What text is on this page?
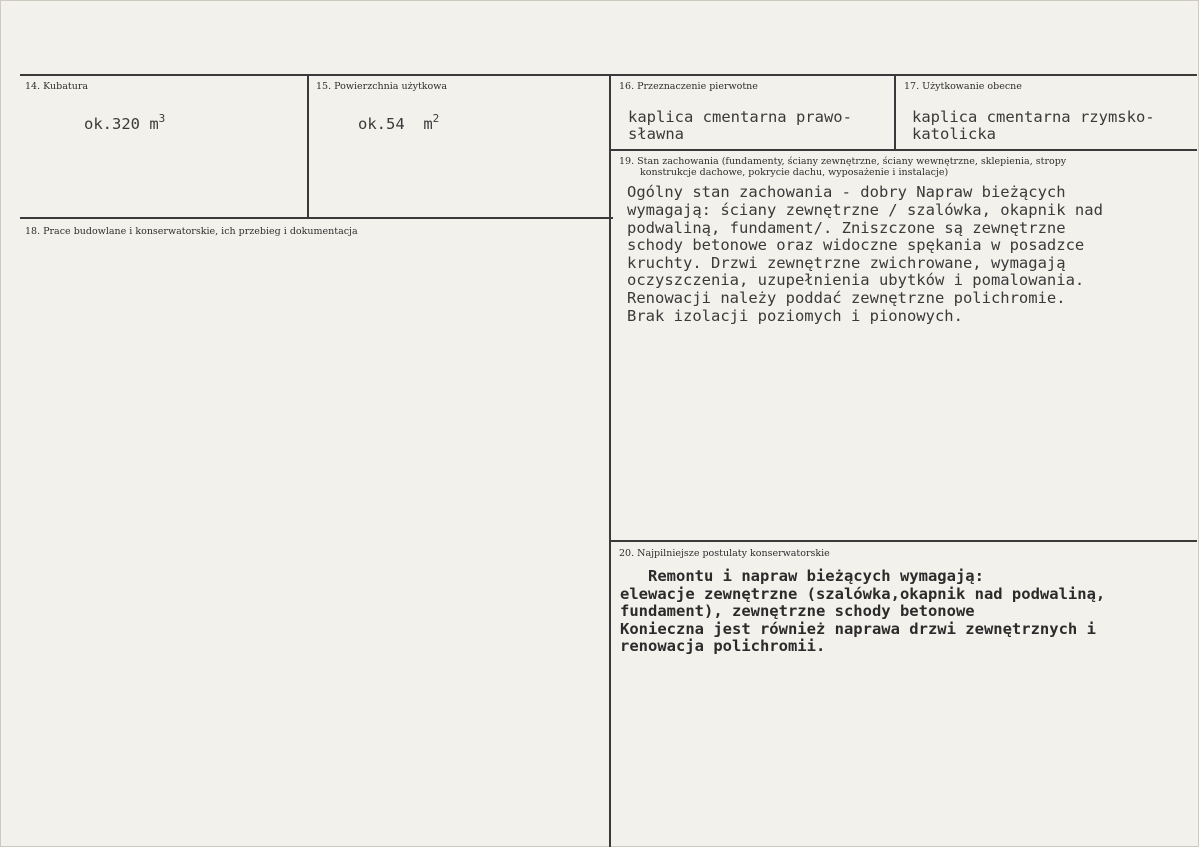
14. Kubatura
ok.320 $m^3$
15. Powierzchnia użytkowa
ok.54  $m^2$
16. Przeznaczenie pierwotne
kaplica cmentarna prawo-
sławna
17. Użytkowanie obecne
kaplica cmentarna rzymsko-
katolicka
18. Prace budowlane i konserwatorskie, ich przebieg i dokumentacja
19. Stan zachowania (fundamenty, ściany zewnętrzne, ściany wewnętrzne, sklepienia, stropy
konstrukcje dachowe, pokrycie dachu, wyposażenie i instalacje)
Ogólny stan zachowania - dobry Napraw bieżących
wymagają: ściany zewnętrzne / szalówka, okapnik nad
podwaliną, fundament/. Zniszczone są zewnętrzne
schody betonowe oraz widoczne spękania w posadzce
kruchty. Drzwi zewnętrzne zwichrowane, wymagają
oczyszczenia, uzupełnienia ubytków i pomalowania.
Renowacji należy poddać zewnętrzne polichromie.
Brak izolacji poziomych i pionowych.
20. Najpilniejsze postulaty konserwatorskie
Remontu i napraw bieżących wymagają:
elewacje zewnętrzne (szalówka,okapnik nad podwaliną,
fundament), zewnętrzne schody betonowe
Konieczna jest również naprawa drzwi zewnętrznych i
renowacja polichromii.
